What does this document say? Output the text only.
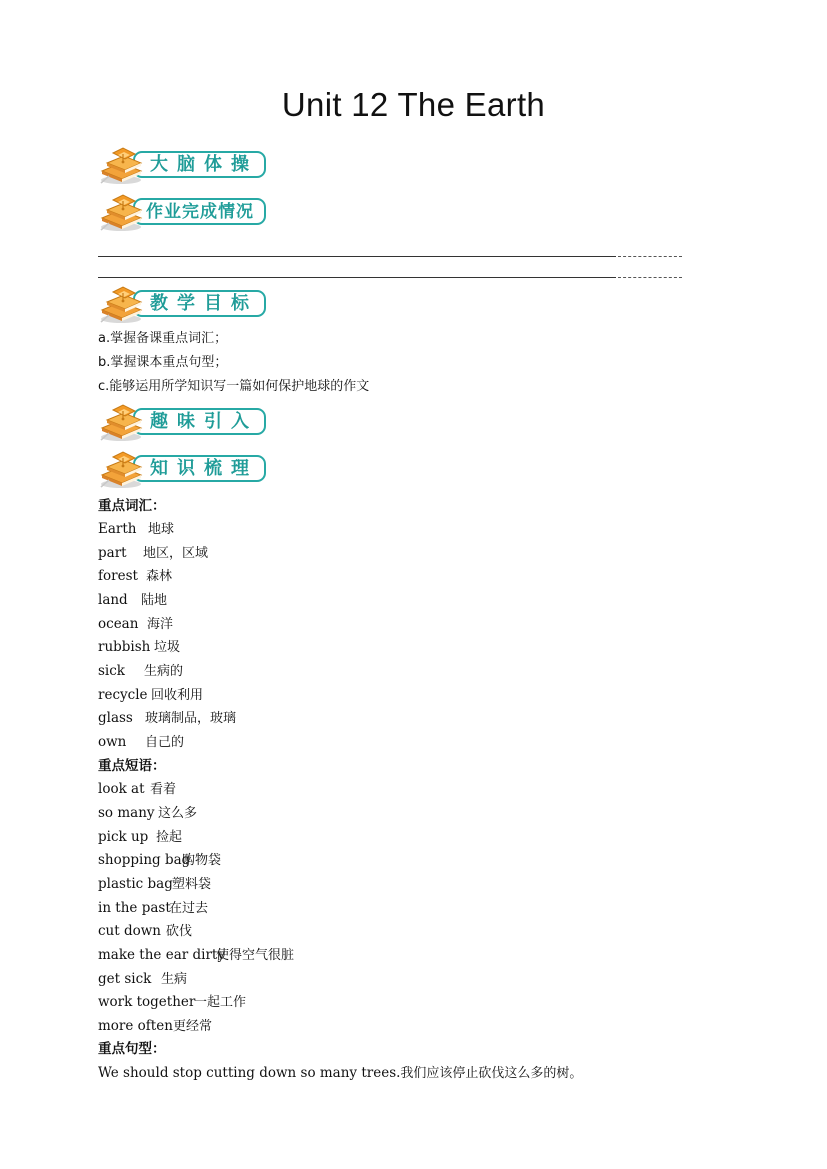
Unit 12 The Earth
大脑体操
作业完成情况
教学目标
a.掌握备课重点词汇；
b.掌握课本重点句型；
c.能够运用所学知识写一篇如何保护地球的作文
趣味引入
知识梳理
重点词汇：
Earth 地球
part 地区，区域
forest 森林
land 陆地
ocean 海洋
rubbish 垃圾
sick 生病的
recycle 回收利用
glass 玻璃制品，玻璃
own 自己的
重点短语：
look at 看着
so many 这么多
pick up 捡起
shopping bag购物袋
plastic bag塑料袋
in the past在过去
cut down 砍伐
make the ear dirty使得空气很脏
get sick 生病
work together一起工作
more often更经常
重点句型：
We should stop cutting down so many trees.我们应该停止砍伐这么多的树。
